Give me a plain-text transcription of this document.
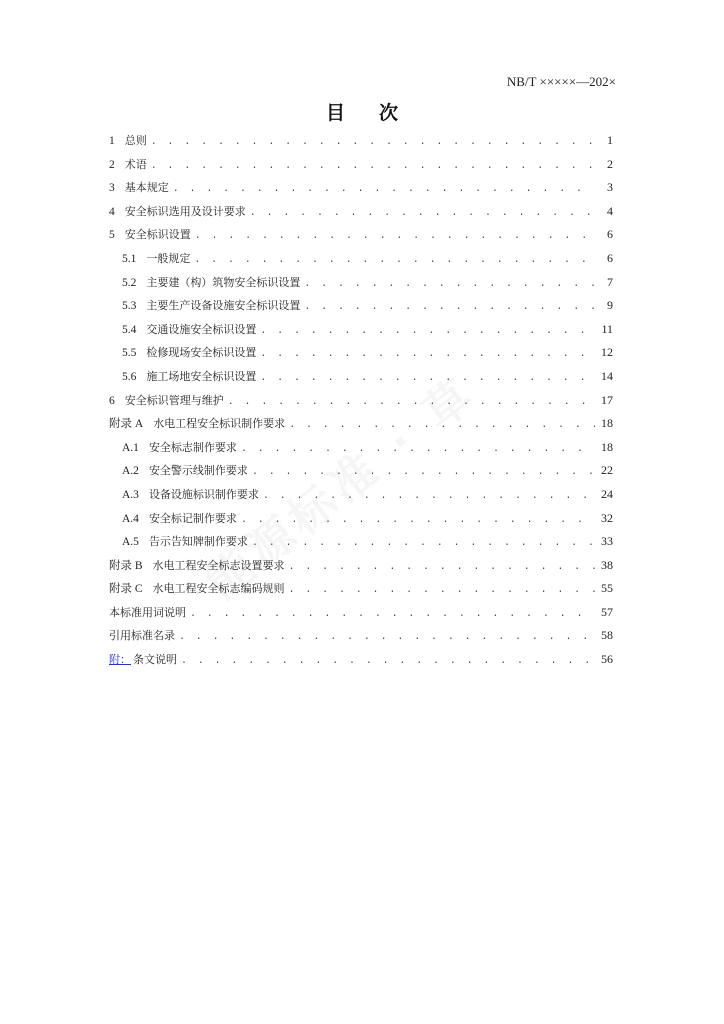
NB/T ×××××—202×
目次
1 总则 . . .	1
2 术语 . . .	2
3 基本规定 . . .	3
4 安全标识选用及设计要求 . . .	4
5 安全标识设置 . . .	6
5.1 一般规定 . . .	6
5.2 主要建（构）筑物安全标识设置 . . .	7
5.3 主要生产设备设施安全标识设置 . . .	9
5.4 交通设施安全标识设置 . . .	11
5.5 检修现场安全标识设置 . . .	12
5.6 施工场地安全标识设置 . . .	14
6 安全标识管理与维护 . . .	17
附录 A 水电工程安全标识制作要求 . . .	18
A.1 安全标志制作要求 . . .	18
A.2 安全警示线制作要求 . . .	22
A.3 设备设施标识制作要求 . . .	24
A.4 安全标记制作要求 . . .	32
A.5 告示告知牌制作要求 . . .	33
附录 B 水电工程安全标志设置要求 . . .	38
附录 C 水电工程安全标志编码规则 . . .	55
本标准用词说明 . . .	57
引用标准名录 . . .	58
附： 条文说明 . . .	56
